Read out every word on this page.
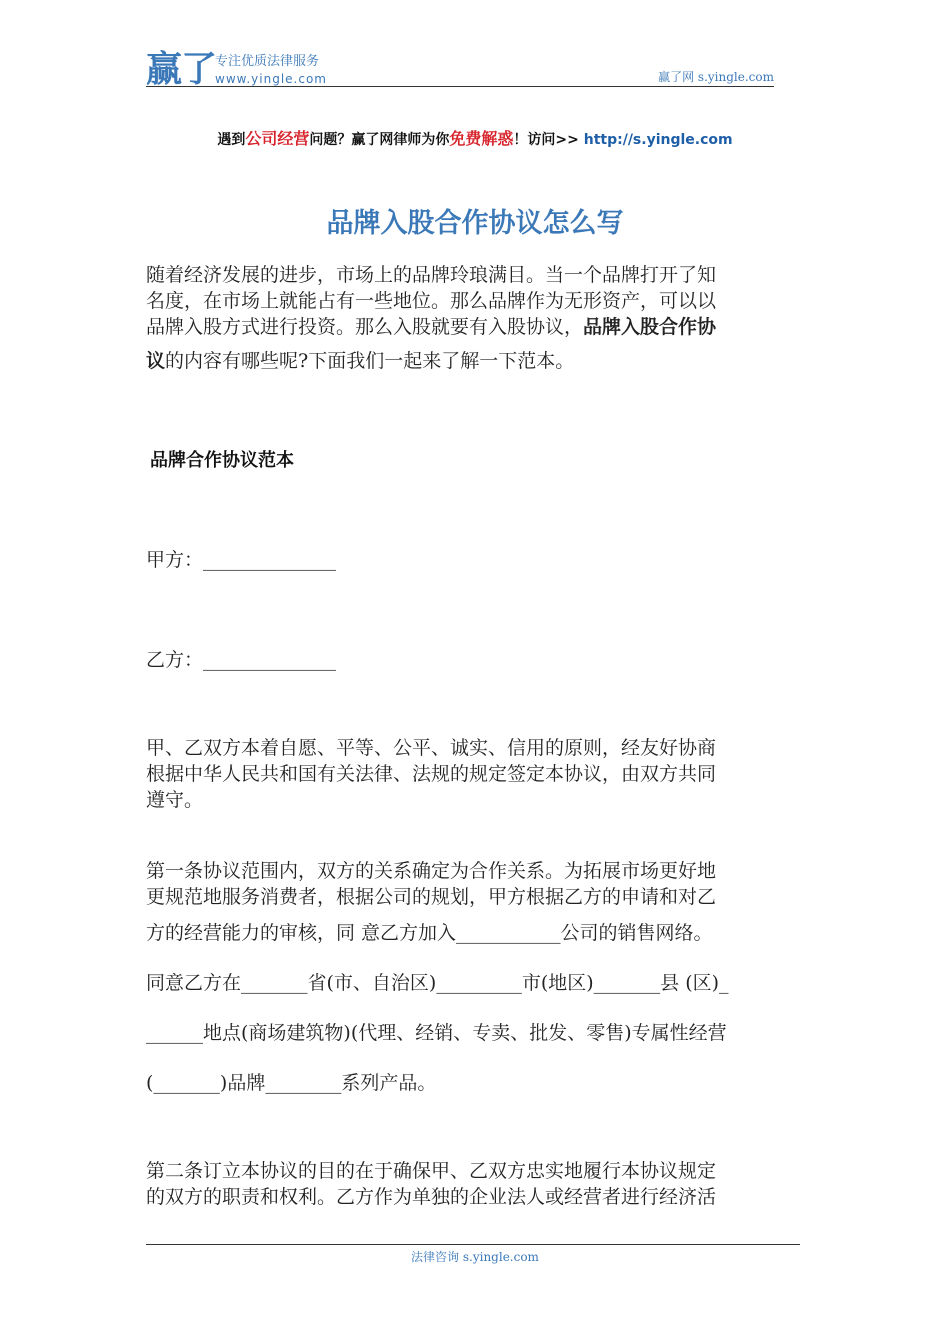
赢了
专注优质法律服务
www.yingle.com	赢了网 s.yingle.com
遇到公司经营问题？赢了网律师为你免费解惑！访问>> http://s.yingle.com
品牌入股合作协议怎么写
随着经济发展的进步，市场上的品牌玲琅满目。当一个品牌打开了知
名度，在市场上就能占有一些地位。那么品牌作为无形资产，可以以
品牌入股方式进行投资。那么入股就要有入股协议，品牌入股合作协
议的内容有哪些呢?下面我们一起来了解一下范本。
品牌合作协议范本
甲方：______________
乙方：______________
甲、乙双方本着自愿、平等、公平、诚实、信用的原则，经友好协商
根据中华人民共和国有关法律、法规的规定签定本协议，由双方共同
遵守。
第一条协议范围内，双方的关系确定为合作关系。为拓展市场更好地
更规范地服务消费者，根据公司的规划，甲方根据乙方的申请和对乙
方的经营能力的审核，同 意乙方加入___________公司的销售网络。
同意乙方在_______省(市、自治区)_________市(地区)_______县 (区)_
______地点(商场建筑物)(代理、经销、专卖、批发、零售)专属性经营
(_______)品牌________系列产品。
第二条订立本协议的目的在于确保甲、乙双方忠实地履行本协议规定
的双方的职责和权利。乙方作为单独的企业法人或经营者进行经济活
法律咨询 s.yingle.com
